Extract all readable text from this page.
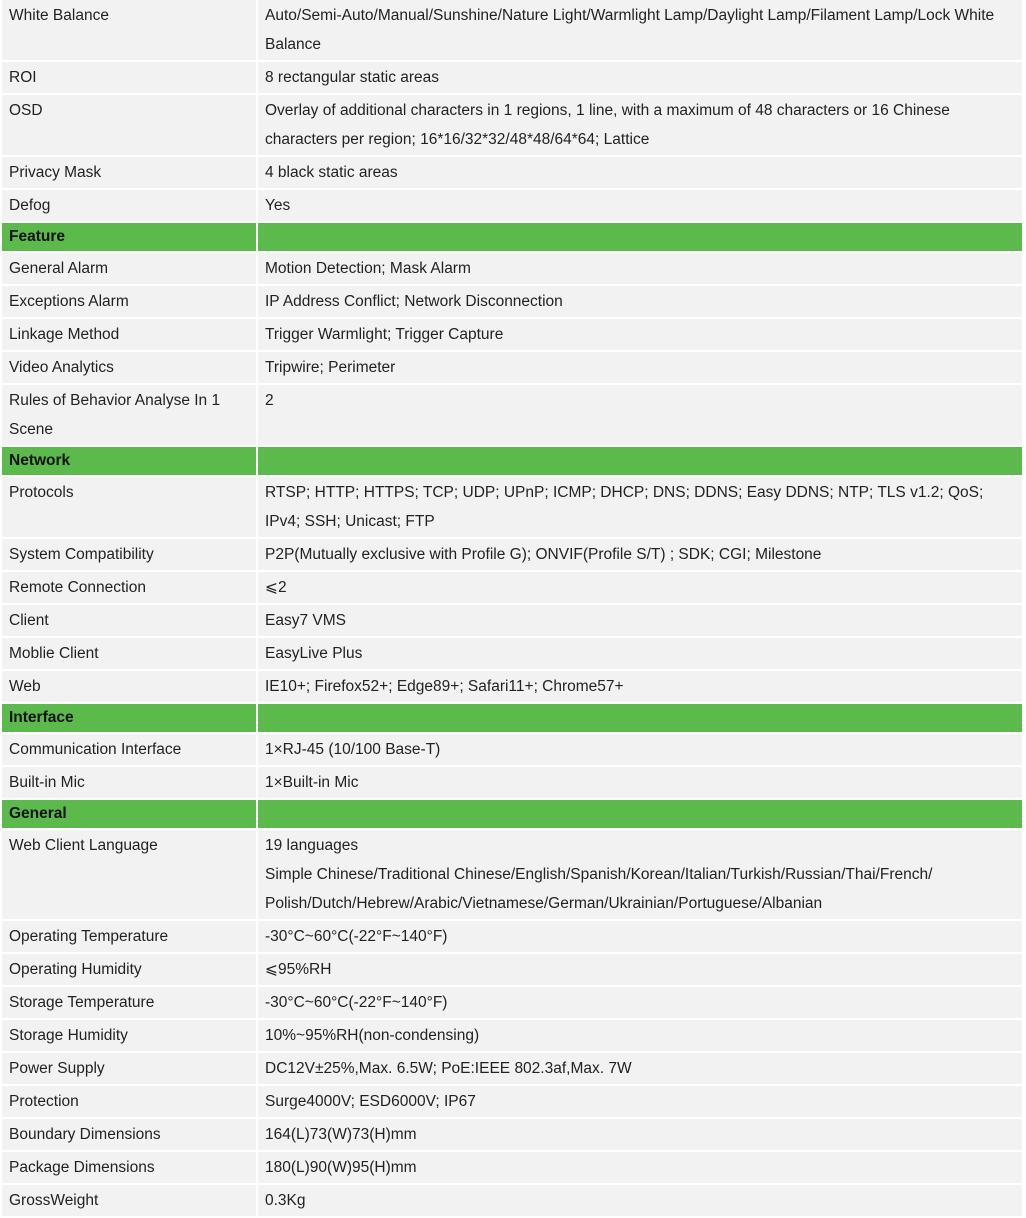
White Balance	Auto/Semi-Auto/Manual/Sunshine/Nature Light/Warmlight Lamp/Daylight Lamp/Filament Lamp/Lock White Balance

ROI	8 rectangular static areas

OSD	Overlay of additional characters in 1 regions, 1 line, with a maximum of 48 characters or 16 Chinese characters per region; 16*16/32*32/48*48/64*64; Lattice

Privacy Mask	4 black static areas

Defog	Yes

Feature	
General Alarm	Motion Detection; Mask Alarm

Exceptions Alarm	IP Address Conflict; Network Disconnection

Linkage Method	Trigger Warmlight; Trigger Capture

Video Analytics	Tripwire; Perimeter

Rules of Behavior Analyse In 1 Scene	2

Network	
Protocols	RTSP; HTTP; HTTPS; TCP; UDP; UPnP; ICMP; DHCP; DNS; DDNS; Easy DDNS; NTP; TLS v1.2; QoS; IPv4; SSH; Unicast; FTP

System Compatibility	P2P(Mutually exclusive with Profile G); ONVIF(Profile S/T) ; SDK; CGI; Milestone

Remote Connection	⩽2

Client	Easy7 VMS

Moblie Client	EasyLive Plus

Web	IE10+; Firefox52+; Edge89+; Safari11+; Chrome57+

Interface	
Communication Interface	1×RJ-45 (10/100 Base-T)

Built-in Mic	1×Built-in Mic

General	
Web Client Language	19 languages
Simple Chinese/Traditional Chinese/English/Spanish/Korean/Italian/Turkish/Russian/Thai/French/
Polish/Dutch/Hebrew/Arabic/Vietnamese/German/Ukrainian/Portuguese/Albanian

Operating Temperature	-30°C~60°C(-22°F~140°F)

Operating Humidity	⩽95%RH

Storage Temperature	-30°C~60°C(-22°F~140°F)

Storage Humidity	10%~95%RH(non-condensing)

Power Supply	DC12V±25%,Max. 6.5W; PoE:IEEE 802.3af,Max. 7W

Protection	Surge4000V; ESD6000V; IP67

Boundary Dimensions	164(L)73(W)73(H)mm

Package Dimensions	180(L)90(W)95(H)mm

GrossWeight	0.3Kg
